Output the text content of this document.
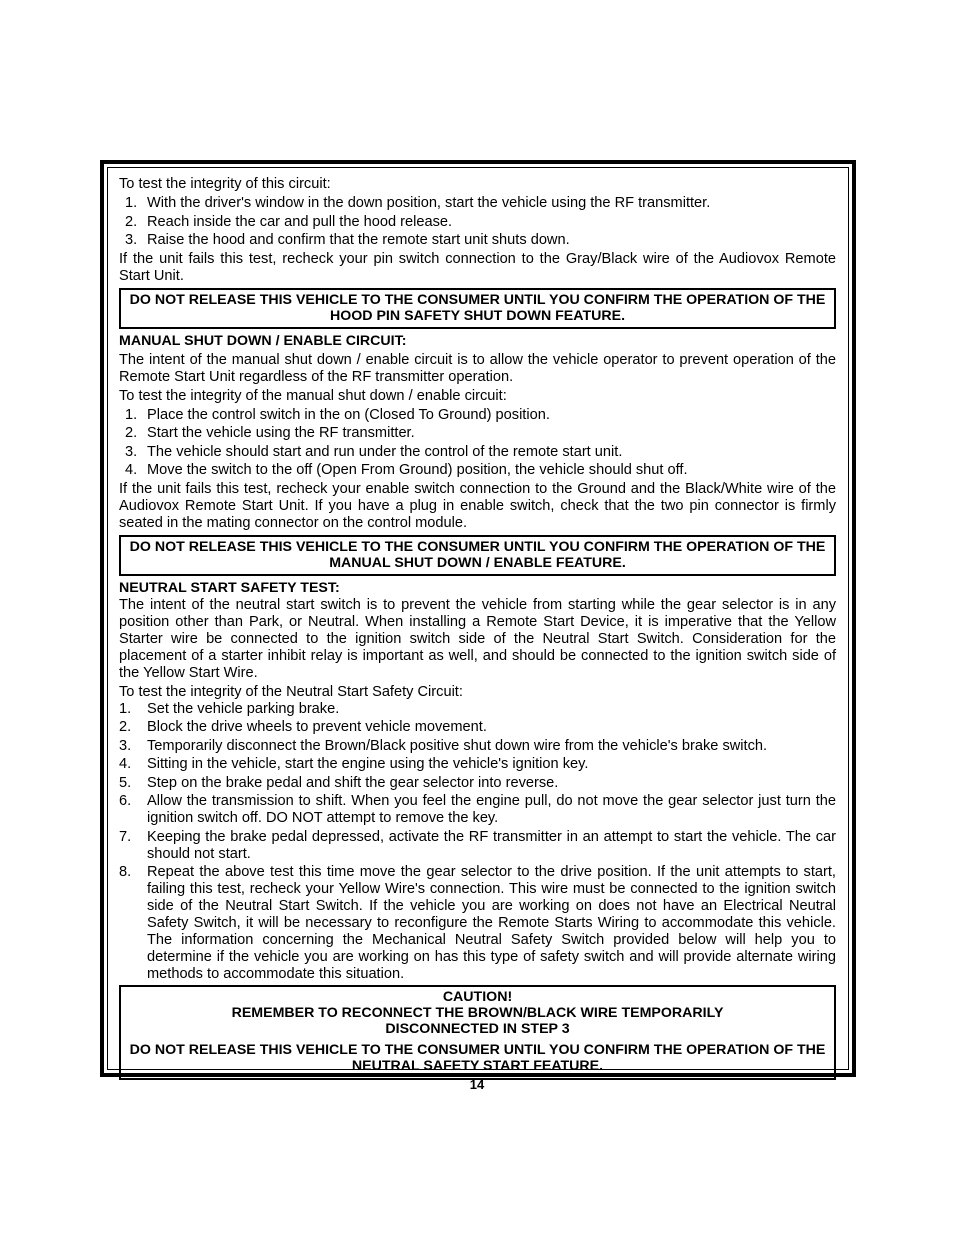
To test the integrity of this circuit:

1. With the driver's window in the down position, start the vehicle using the RF transmitter.
2. Reach inside the car and pull the hood release.
3. Raise the hood and confirm that the remote start unit shuts down.

If the unit fails this test, recheck your pin switch connection to the Gray/Black wire of the Audiovox Remote Start Unit.

DO NOT RELEASE THIS VEHICLE TO THE CONSUMER UNTIL YOU CONFIRM THE OPERATION OF THE HOOD PIN SAFETY SHUT DOWN FEATURE.

MANUAL SHUT DOWN / ENABLE CIRCUIT:

The intent of the manual shut down / enable circuit is to allow the vehicle operator to prevent operation of the Remote Start Unit regardless of the RF transmitter operation.

To test the integrity of the manual shut down / enable circuit:

1. Place the control switch in the on (Closed To Ground) position.
2. Start the vehicle using the RF transmitter.
3. The vehicle should start and run under the control of the remote start unit.
4. Move the switch to the off (Open From Ground) position, the vehicle should shut off.

If the unit fails this test, recheck your enable switch connection to the Ground and the Black/White wire of the Audiovox Remote Start Unit. If you have a plug in enable switch, check that the two pin connector is firmly seated in the mating connector on the control module.

DO NOT RELEASE THIS VEHICLE TO THE CONSUMER UNTIL YOU CONFIRM THE OPERATION OF THE MANUAL SHUT DOWN / ENABLE FEATURE.

NEUTRAL START SAFETY TEST:

The intent of the neutral start switch is to prevent the vehicle from starting while the gear selector is in any position other than Park, or Neutral. When installing a Remote Start Device, it is imperative that the Yellow Starter wire be connected to the ignition switch side of the Neutral Start Switch. Consideration for the placement of a starter inhibit relay is important as well, and should be connected to the ignition switch side of the Yellow Start Wire.

To test the integrity of the Neutral Start Safety Circuit:

1. Set the vehicle parking brake.
2. Block the drive wheels to prevent vehicle movement.
3. Temporarily disconnect the Brown/Black positive shut down wire from the vehicle's brake switch.
4. Sitting in the vehicle, start the engine using the vehicle's ignition key.
5. Step on the brake pedal and shift the gear selector into reverse.
6. Allow the transmission to shift. When you feel the engine pull, do not move the gear selector just turn the ignition switch off. DO NOT attempt to remove the key.
7. Keeping the brake pedal depressed, activate the RF transmitter in an attempt to start the vehicle. The car should not start.
8. Repeat the above test this time move the gear selector to the drive position. If the unit attempts to start, failing this test, recheck your Yellow Wire's connection. This wire must be connected to the ignition switch side of the Neutral Start Switch. If the vehicle you are working on does not have an Electrical Neutral Safety Switch, it will be necessary to reconfigure the Remote Starts Wiring to accommodate this vehicle. The information concerning the Mechanical Neutral Safety Switch provided below will help you to determine if the vehicle you are working on has this type of safety switch and will provide alternate wiring methods to accommodate this situation.
CAUTION!
REMEMBER TO RECONNECT THE BROWN/BLACK WIRE TEMPORARILY
DISCONNECTED IN STEP 3
DO NOT RELEASE THIS VEHICLE TO THE CONSUMER UNTIL YOU CONFIRM THE OPERATION OF THE NEUTRAL SAFETY START FEATURE.
14
